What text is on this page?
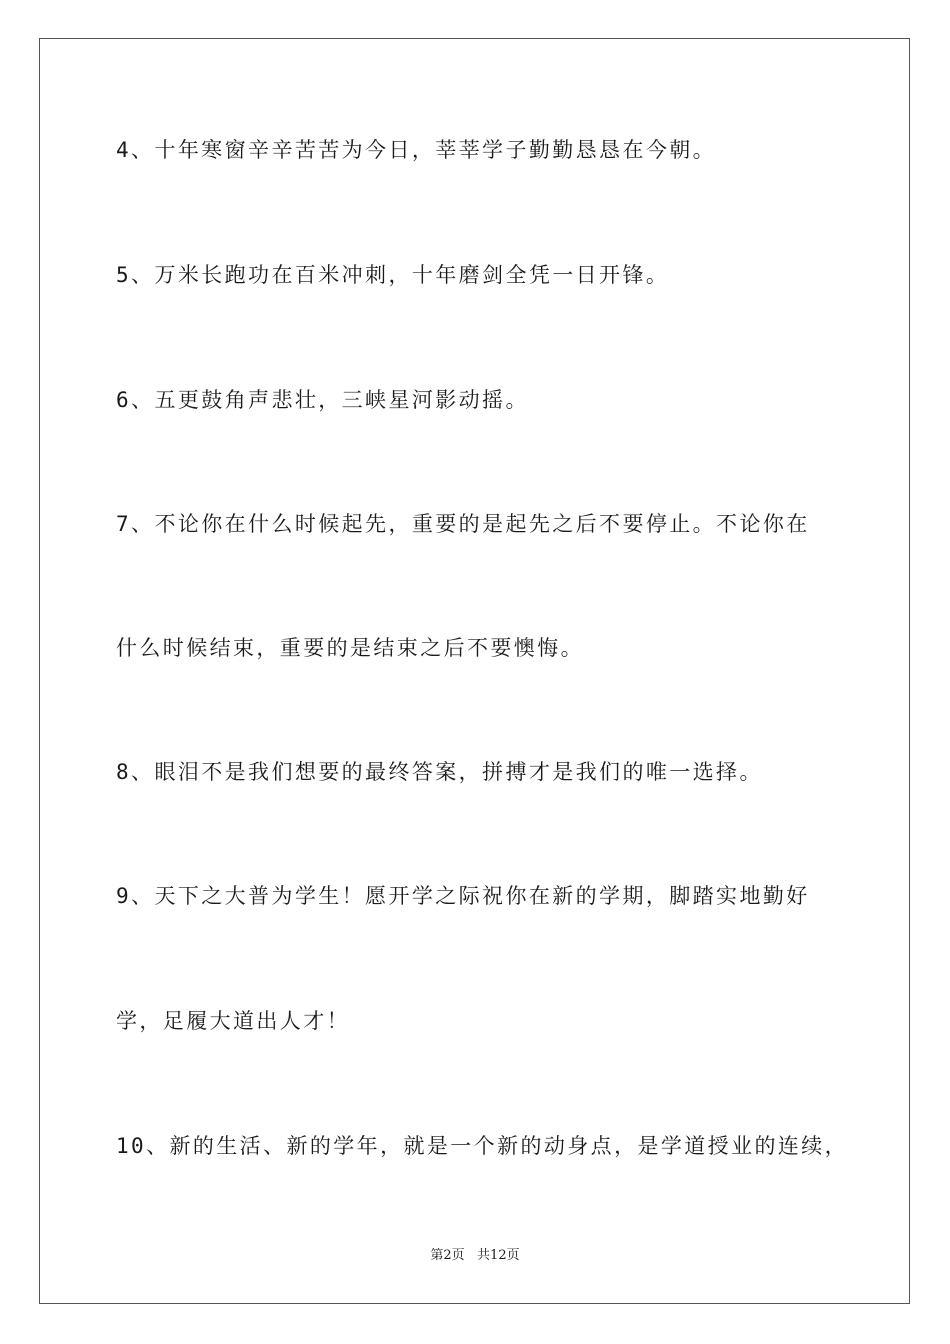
4、十年寒窗辛辛苦苦为今日，莘莘学子勤勤恳恳在今朝。

5、万米长跑功在百米冲刺，十年磨剑全凭一日开锋。

6、五更鼓角声悲壮，三峡星河影动摇。

7、不论你在什么时候起先，重要的是起先之后不要停止。不论你在

什么时候结束，重要的是结束之后不要懊悔。

8、眼泪不是我们想要的最终答案，拼搏才是我们的唯一选择。

9、天下之大普为学生！愿开学之际祝你在新的学期，脚踏实地勤好

学，足履大道出人才！

10、新的生活、新的学年，就是一个新的动身点，是学道授业的连续，

第2页   共12页
